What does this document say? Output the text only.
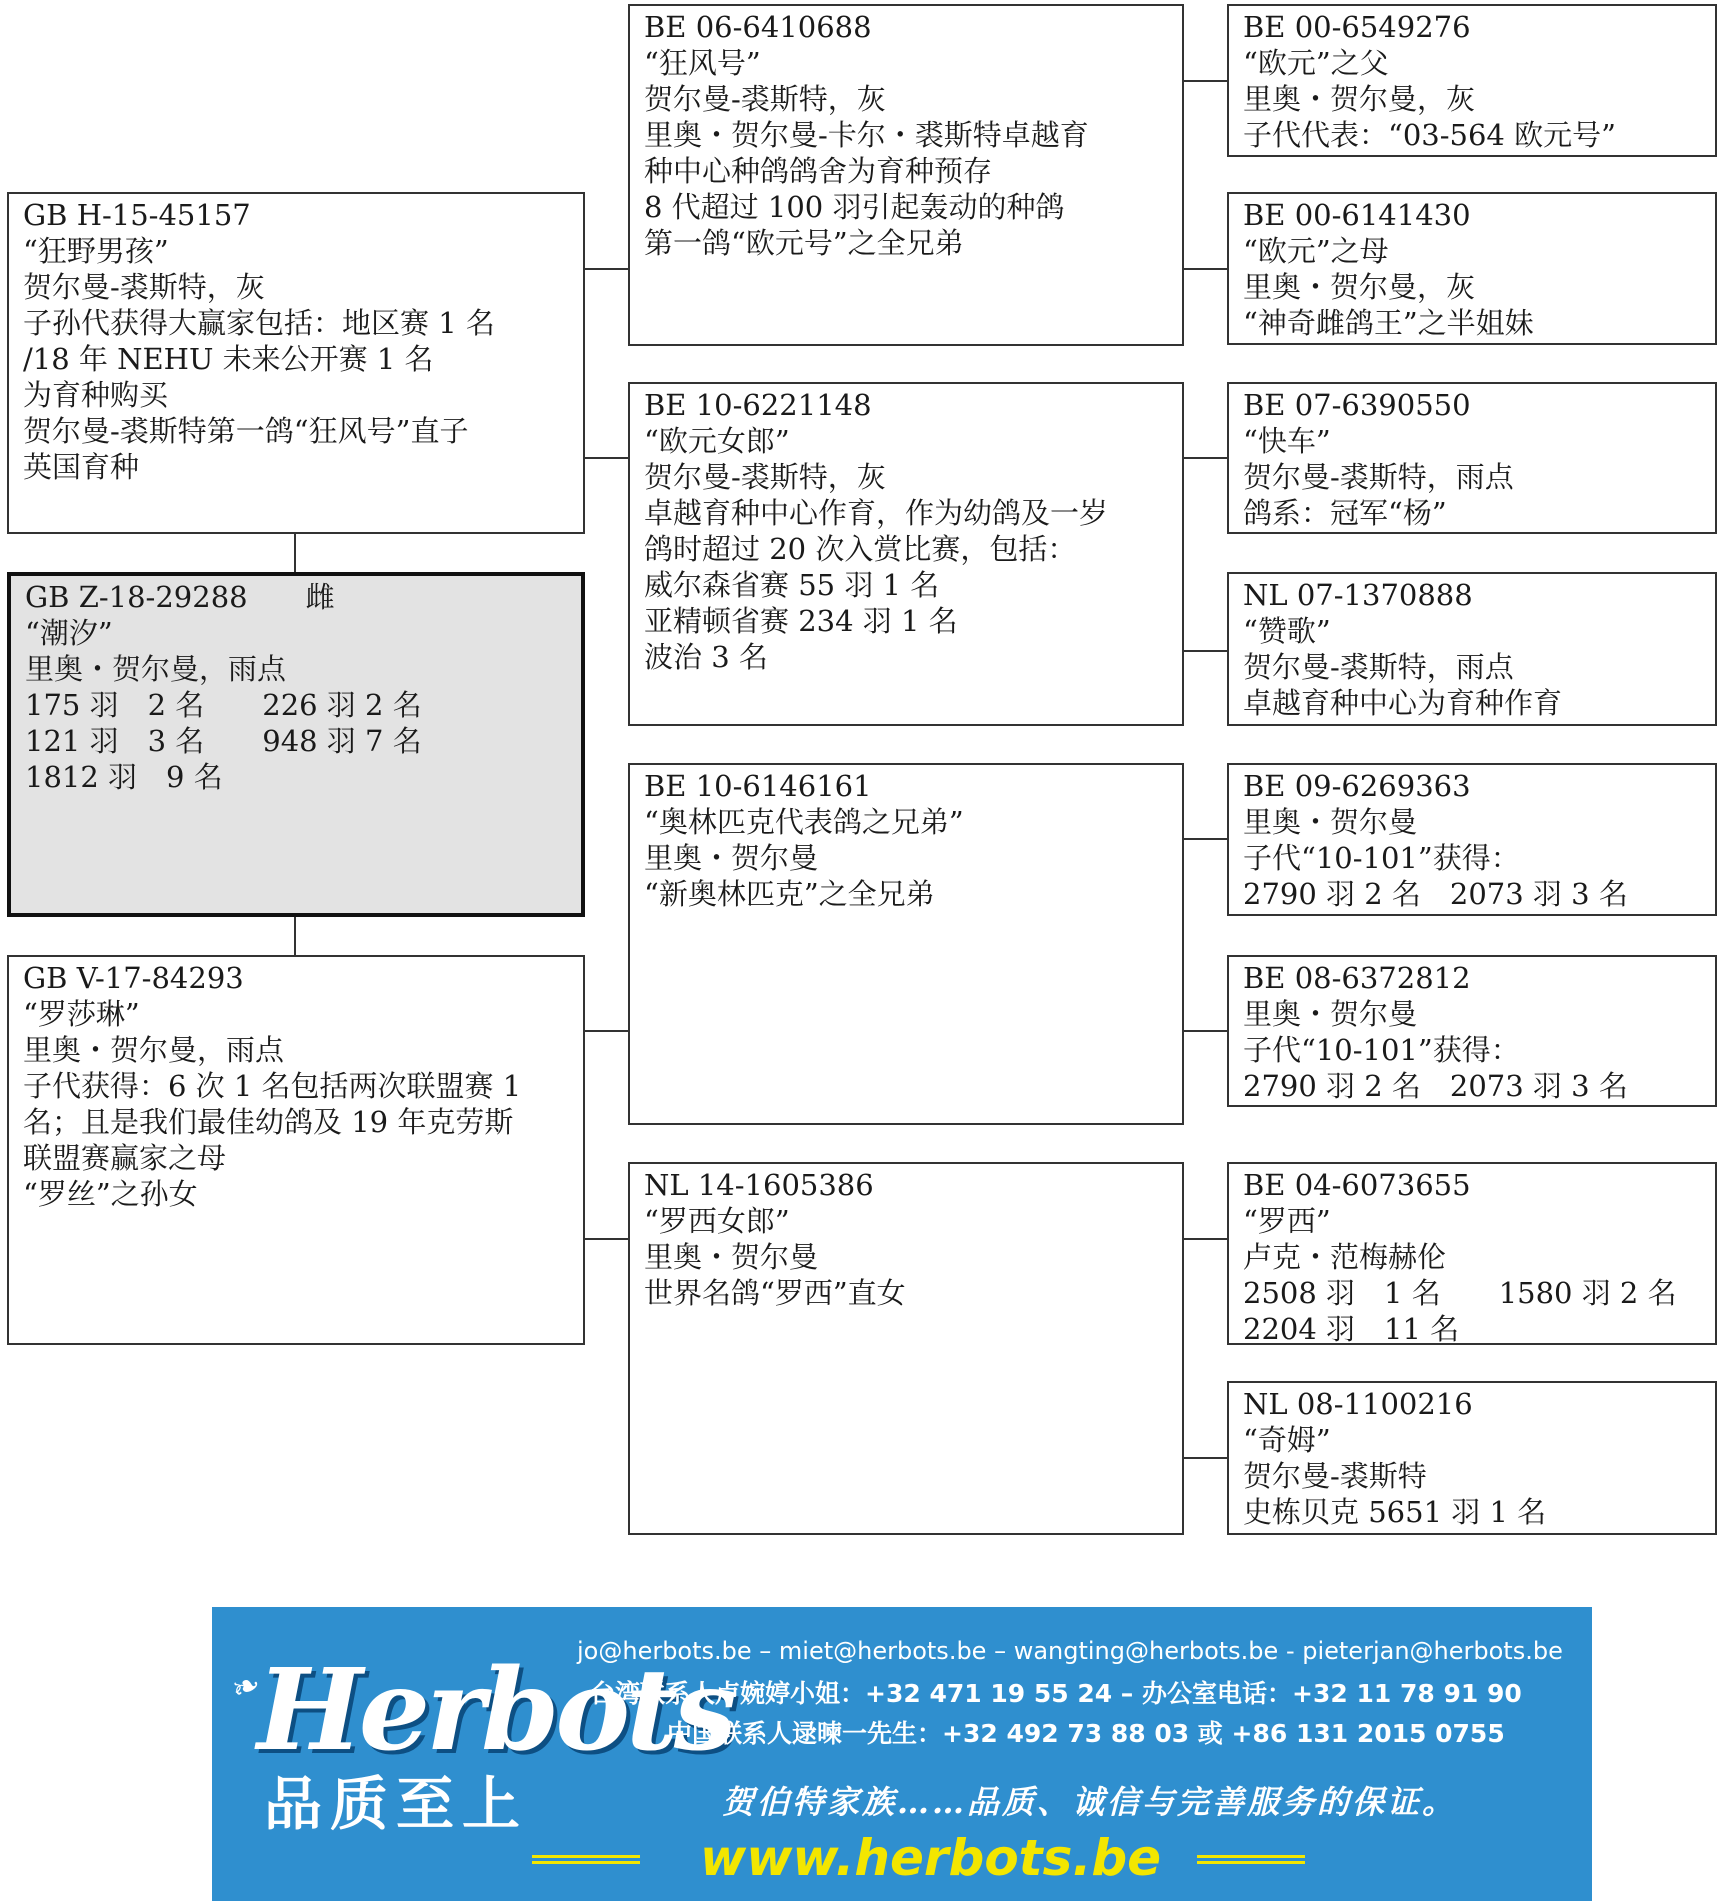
GB H-15-45157
“狂野男孩”
贺尔曼-裘斯特，灰
子孙代获得大赢家包括：地区赛 1 名
/18 年 NEHU 未来公开赛 1 名
为育种购买
贺尔曼-裘斯特第一鸽“狂风号”直子
英国育种
GB Z-18-29288　　雌
“潮汐”
里奥・贺尔曼，雨点
175 羽　2 名　　226 羽 2 名
121 羽　3 名　　948 羽 7 名
1812 羽　9 名
GB V-17-84293
“罗莎琳”
里奥・贺尔曼，雨点
子代获得：6 次 1 名包括两次联盟赛 1
名；且是我们最佳幼鸽及 19 年克劳斯
联盟赛赢家之母
“罗丝”之孙女
BE 06-6410688
“狂风号”
贺尔曼-裘斯特，灰
里奥・贺尔曼-卡尔・裘斯特卓越育
种中心种鸽鸽舍为育种预存
8 代超过 100 羽引起轰动的种鸽
第一鸽“欧元号”之全兄弟
BE 10-6221148
“欧元女郎”
贺尔曼-裘斯特，灰
卓越育种中心作育，作为幼鸽及一岁
鸽时超过 20 次入赏比赛，包括：
威尔森省赛 55 羽 1 名
亚精顿省赛 234 羽 1 名
波治 3 名
BE 10-6146161
“奥林匹克代表鸽之兄弟”
里奥・贺尔曼
“新奥林匹克”之全兄弟
NL 14-1605386
“罗西女郎”
里奥・贺尔曼
世界名鸽“罗西”直女
BE 00-6549276
“欧元”之父
里奥・贺尔曼，灰
子代代表：“03-564 欧元号”
BE 00-6141430
“欧元”之母
里奥・贺尔曼，灰
“神奇雌鸽王”之半姐妹
BE 07-6390550
“快车”
贺尔曼-裘斯特，雨点
鸽系：冠军“杨”
NL 07-1370888
“赞歌”
贺尔曼-裘斯特，雨点
卓越育种中心为育种作育
BE 09-6269363
里奥・贺尔曼
子代“10-101”获得：
2790 羽 2 名　2073 羽 3 名
BE 08-6372812
里奥・贺尔曼
子代“10-101”获得：
2790 羽 2 名　2073 羽 3 名
BE 04-6073655
“罗西”
卢克・范梅赫伦
2508 羽　1 名　　1580 羽 2 名
2204 羽　11 名
NL 08-1100216
“奇姆”
贺尔曼-裘斯特
史栋贝克 5651 羽 1 名
❧
Herbots
品质至上
jo@herbots.be – miet@herbots.be – wangting@herbots.be - pieterjan@herbots.be
台湾联系人卢婉婷小姐：+32 471 19 55 24 – 办公室电话：+32 11 78 91 90
中国联系人逯暕一先生：+32 492 73 88 03 或 +86 131 2015 0755
贺伯特家族……品质、诚信与完善服务的保证。
www.herbots.be
